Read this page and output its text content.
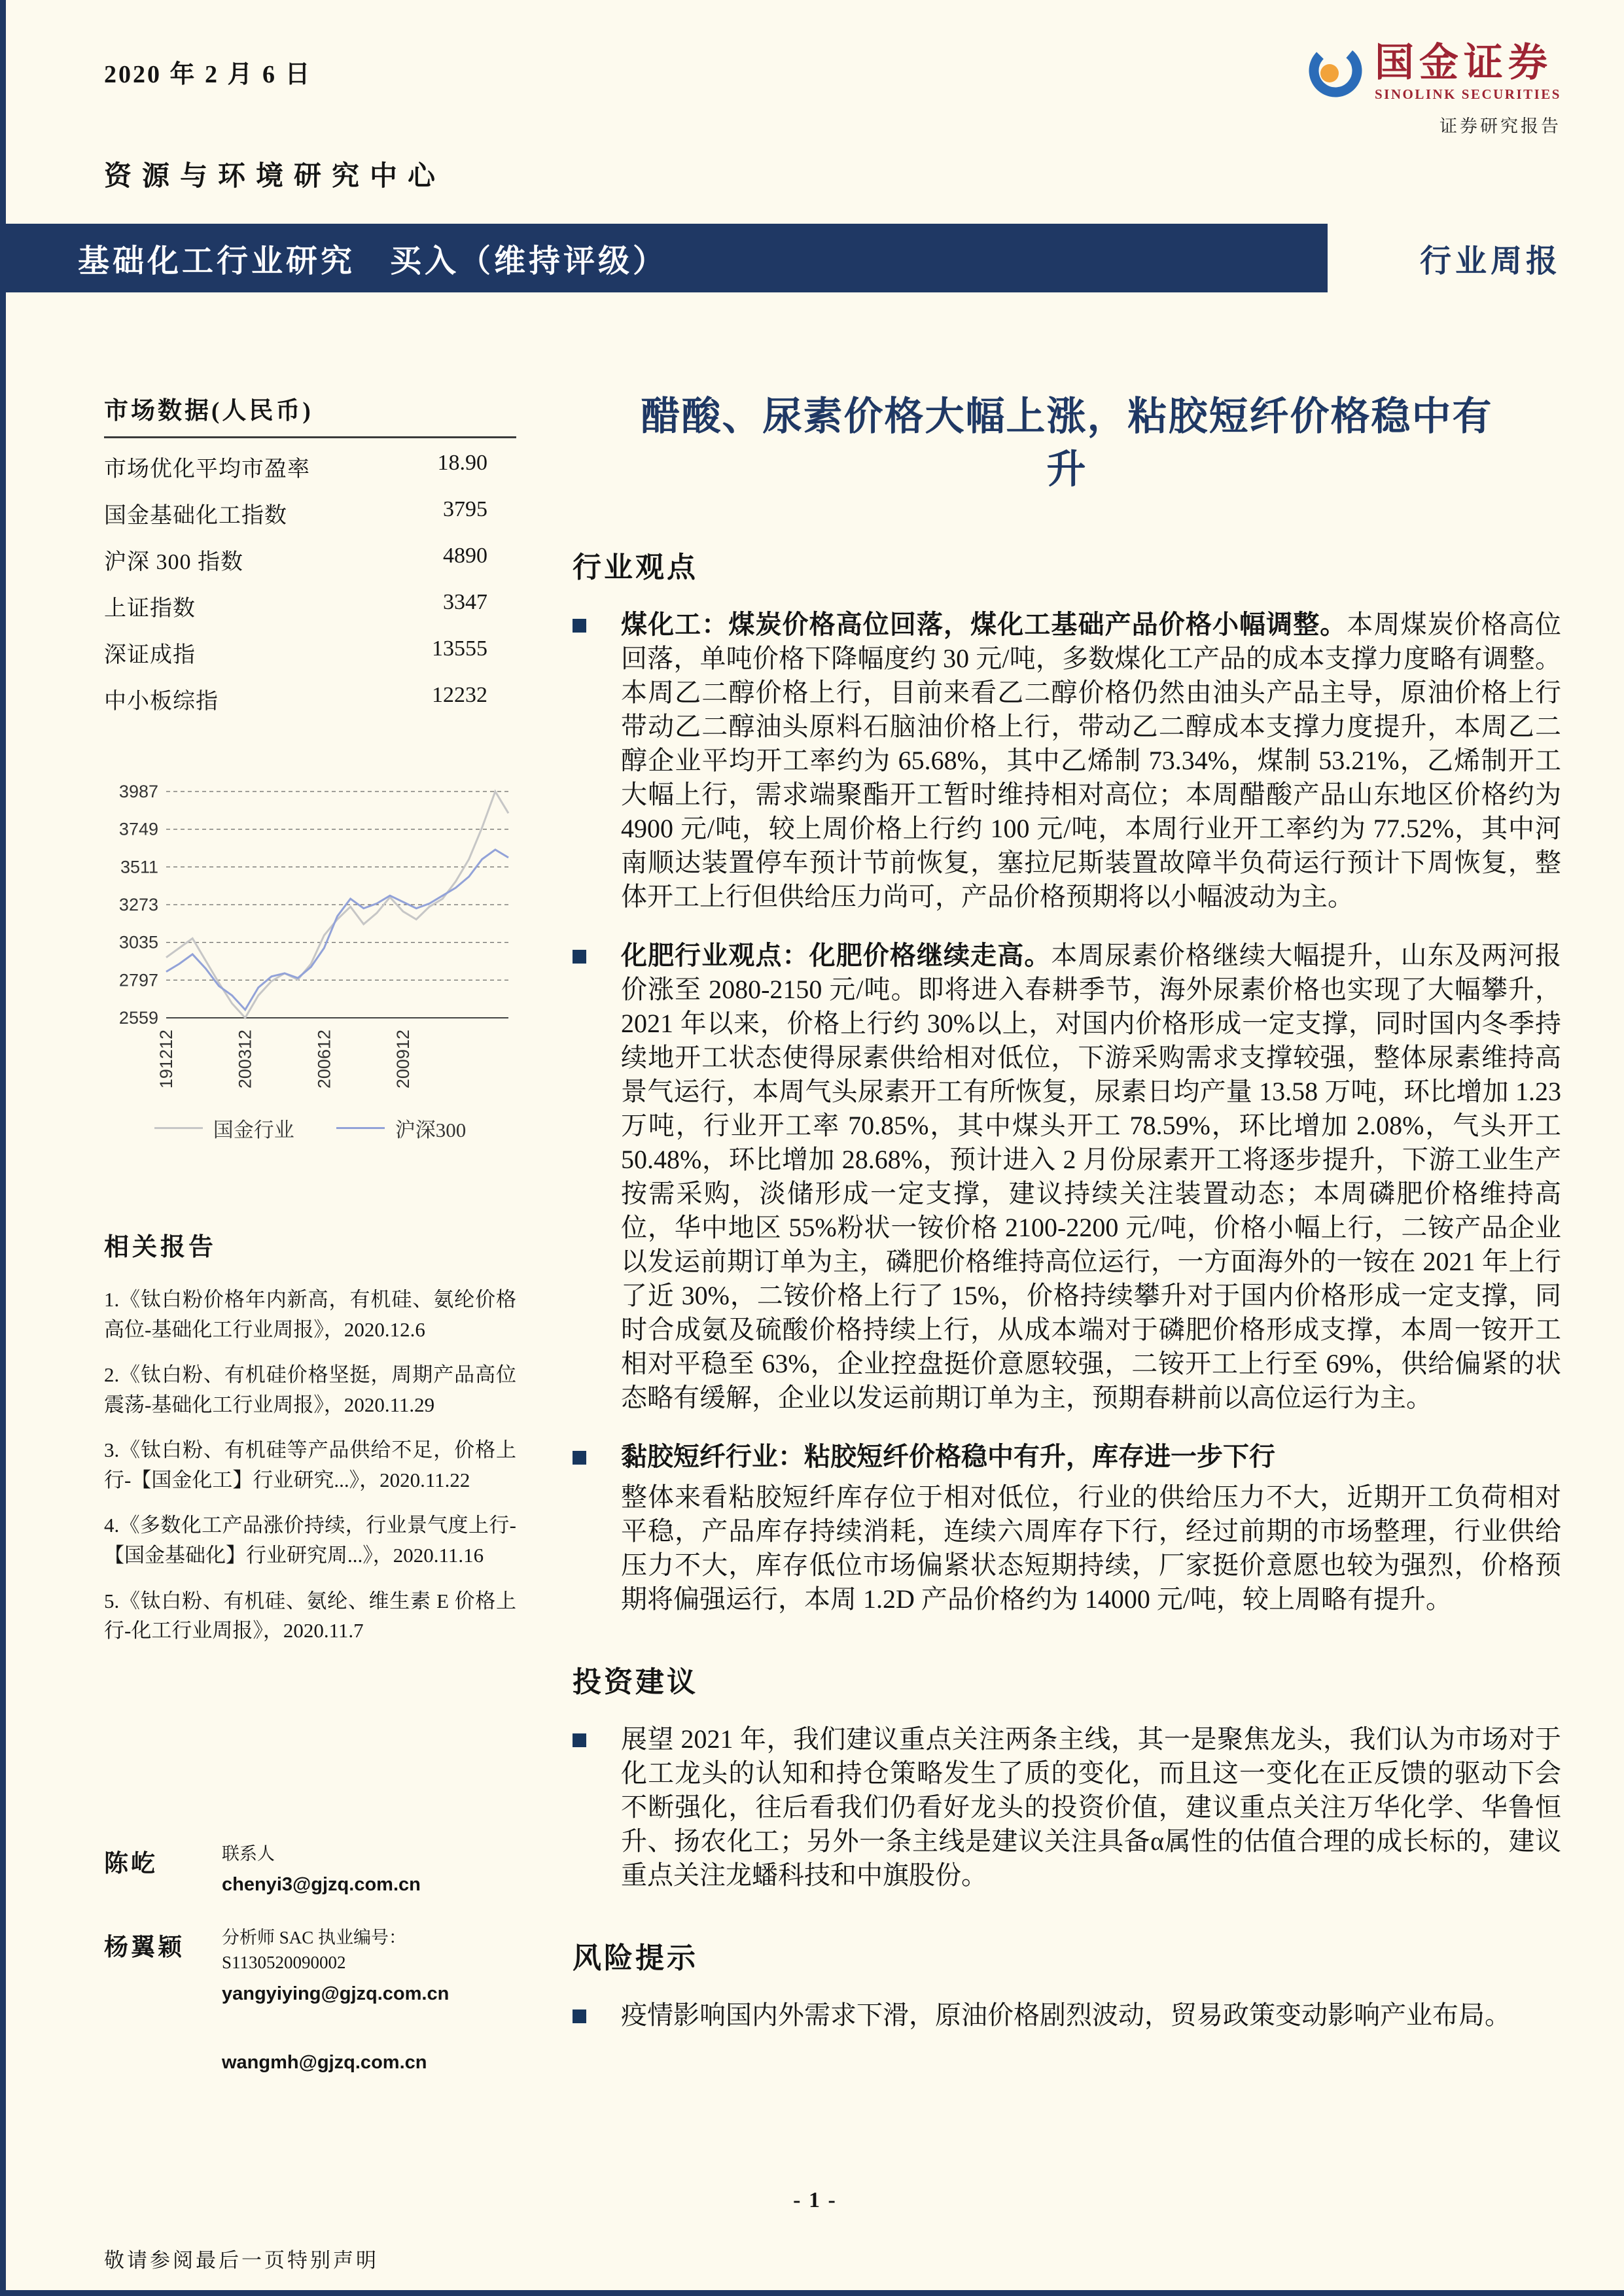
2020 年 2 月 6 日	国金证券
SINOLINK SECURITIES
证券研究报告
资源与环境研究中心
基础化工行业研究　买入（维持评级）	行业周报
市场数据(人民币)
市场优化平均市盈率	18.90
国金基础化工指数	3795
沪深 300 指数	4890
上证指数	3347
深证成指	13555
中小板综指	12232
3987
3749
3511
3273
3035
2797
2559
191212	200312	200612	200912
国金行业	沪深300
相关报告
1.《钛白粉价格年内新高，有机硅、氨纶价格高位-基础化工行业周报》，2020.12.6
2.《钛白粉、有机硅价格坚挺，周期产品高位震荡-基础化工行业周报》，2020.11.29
3.《钛白粉、有机硅等产品供给不足，价格上行-【国金化工】行业研究...》，2020.11.22
4.《多数化工产品涨价持续，行业景气度上行-【国金基础化】行业研究周...》，2020.11.16
5.《钛白粉、有机硅、氨纶、维生素 E 价格上行-化工行业周报》，2020.11.7
陈屹	联系人
chenyi3@gjzq.com.cn
杨翼颖	分析师 SAC 执业编号：S1130520090002
yangyiying@gjzq.com.cn
wangmh@gjzq.com.cn
醋酸、尿素价格大幅上涨，粘胶短纤价格稳中有升
行业观点
煤化工：煤炭价格高位回落，煤化工基础产品价格小幅调整。本周煤炭价格高位回落，单吨价格下降幅度约 30 元/吨，多数煤化工产品的成本支撑力度略有调整。本周乙二醇价格上行，目前来看乙二醇价格仍然由油头产品主导，原油价格上行带动乙二醇油头原料石脑油价格上行，带动乙二醇成本支撑力度提升，本周乙二醇企业平均开工率约为 65.68%，其中乙烯制 73.34%，煤制 53.21%，乙烯制开工大幅上行，需求端聚酯开工暂时维持相对高位；本周醋酸产品山东地区价格约为 4900 元/吨，较上周价格上行约 100 元/吨，本周行业开工率约为 77.52%，其中河南顺达装置停车预计节前恢复，塞拉尼斯装置故障半负荷运行预计下周恢复，整体开工上行但供给压力尚可，产品价格预期将以小幅波动为主。
化肥行业观点：化肥价格继续走高。本周尿素价格继续大幅提升，山东及两河报价涨至 2080-2150 元/吨。即将进入春耕季节，海外尿素价格也实现了大幅攀升，2021 年以来，价格上行约 30%以上，对国内价格形成一定支撑，同时国内冬季持续地开工状态使得尿素供给相对低位，下游采购需求支撑较强，整体尿素维持高景气运行，本周气头尿素开工有所恢复，尿素日均产量 13.58 万吨，环比增加 1.23 万吨，行业开工率 70.85%，其中煤头开工 78.59%，环比增加 2.08%，气头开工 50.48%，环比增加 28.68%，预计进入 2 月份尿素开工将逐步提升，下游工业生产按需采购，淡储形成一定支撑，建议持续关注装置动态；本周磷肥价格维持高位，华中地区 55%粉状一铵价格 2100-2200 元/吨，价格小幅上行，二铵产品企业以发运前期订单为主，磷肥价格维持高位运行，一方面海外的一铵在 2021 年上行了近 30%，二铵价格上行了 15%，价格持续攀升对于国内价格形成一定支撑，同时合成氨及硫酸价格持续上行，从成本端对于磷肥价格形成支撑，本周一铵开工相对平稳至 63%，企业控盘挺价意愿较强，二铵开工上行至 69%，供给偏紧的状态略有缓解，企业以发运前期订单为主，预期春耕前以高位运行为主。
黏胶短纤行业：粘胶短纤价格稳中有升，库存进一步下行
整体来看粘胶短纤库存位于相对低位，行业的供给压力不大，近期开工负荷相对平稳，产品库存持续消耗，连续六周库存下行，经过前期的市场整理，行业供给压力不大，库存低位市场偏紧状态短期持续，厂家挺价意愿也较为强烈，价格预期将偏强运行，本周 1.2D 产品价格约为 14000 元/吨，较上周略有提升。
投资建议
展望 2021 年，我们建议重点关注两条主线，其一是聚焦龙头，我们认为市场对于化工龙头的认知和持仓策略发生了质的变化，而且这一变化在正反馈的驱动下会不断强化，往后看我们仍看好龙头的投资价值，建议重点关注万华化学、华鲁恒升、扬农化工；另外一条主线是建议关注具备α属性的估值合理的成长标的，建议重点关注龙蟠科技和中旗股份。
风险提示
疫情影响国内外需求下滑，原油价格剧烈波动，贸易政策变动影响产业布局。
- 1 -
敬请参阅最后一页特别声明
